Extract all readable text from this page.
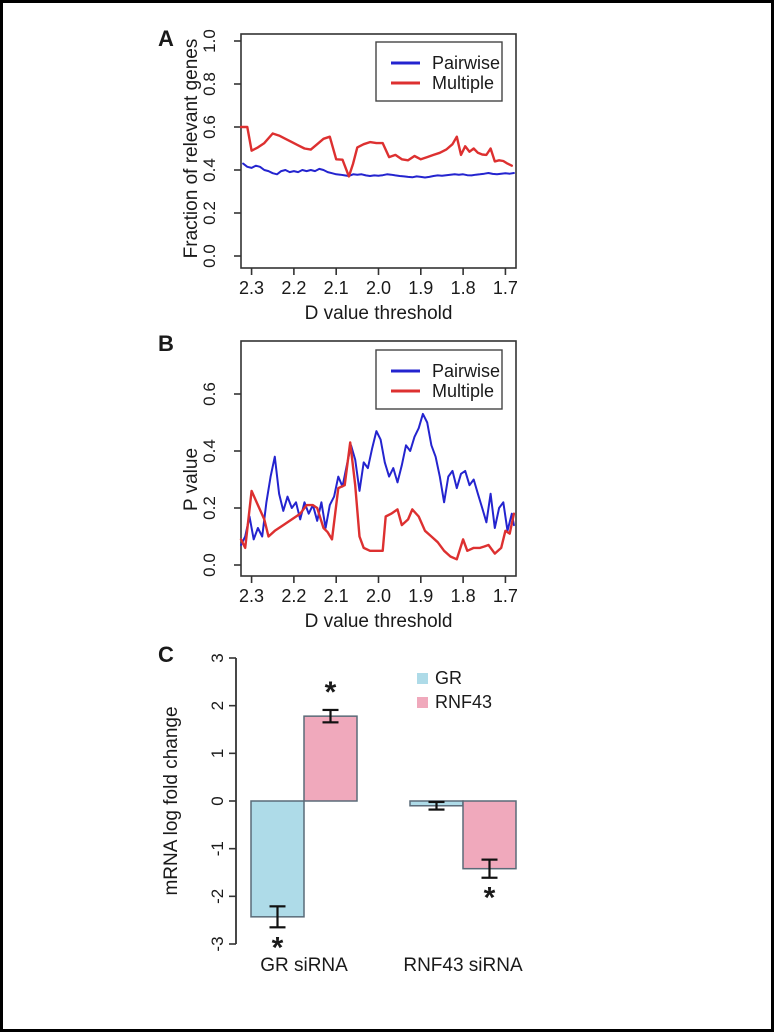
A
0.0
0.2
0.4
0.6
0.8
1.0
2.3 2.2 2.1 2.0 1.9 1.8 1.7
D value threshold
Fraction of relevant genes	Pairwise
Multiple
B
0.0
0.2
0.4
0.6
2.3 2.2 2.1 2.0 1.9 1.8 1.7
D value threshold
P value
Pairwise
Multiple
C
-3
-2
-1
0
1
2
3
mRNA log fold change
*
*
GR siRNA
*
RNF43 siRNA
GR
RNF43
